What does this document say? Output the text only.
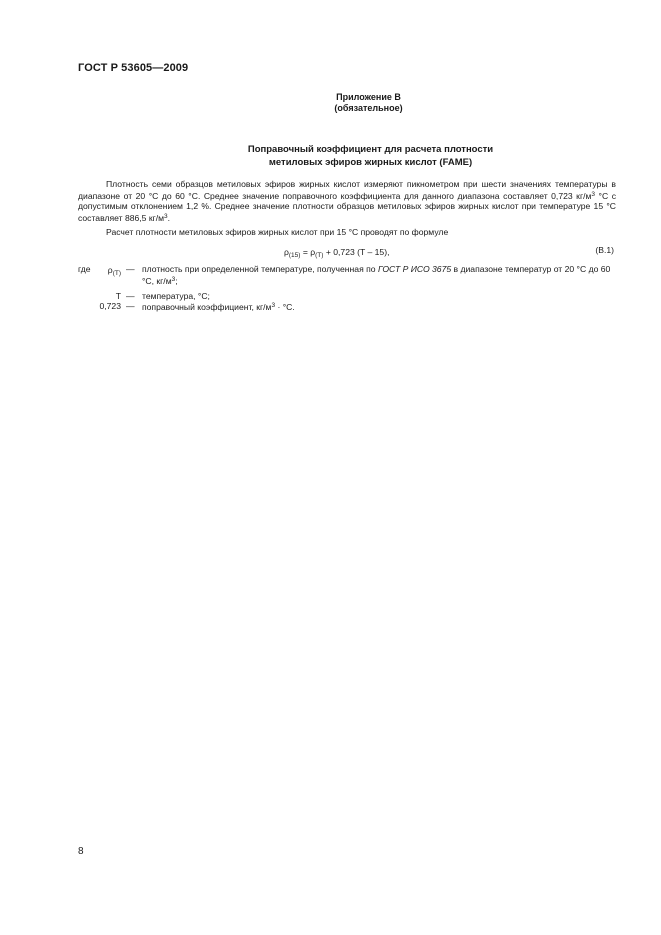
ГОСТ Р 53605—2009
Приложение В
(обязательное)
Поправочный коэффициент для расчета плотности
метиловых эфиров жирных кислот (FAME)
Плотность семи образцов метиловых эфиров жирных кислот измеряют пикнометром при шести значениях температуры в диапазоне от 20 °С до 60 °С. Среднее значение поправочного коэффициента для данного диапазона составляет 0,723 $кг/м^3$ °С с допустимым отклонением 1,2 %. Среднее значение плотности образцов метиловых эфиров жирных кислот при температуре 15 °С составляет 886,5 $кг/м^3$.
Расчет плотности метиловых эфиров жирных кислот при 15 °С проводят по формуле
$\rho_{(15)} = \rho_{(T)} + 0,723$ (T – 15),	(В.1)
где	$\rho_{(T)}$ — плотность при определенной температуре, полученная по ГОСТ Р ИСО 3675 в диапазоне температур от 20 °С до 60 °С, $кг/м^3$;
T — температура, °С;
0,723 — поправочный коэффициент, $кг/м^3 \cdot ^\circ С$.
8
